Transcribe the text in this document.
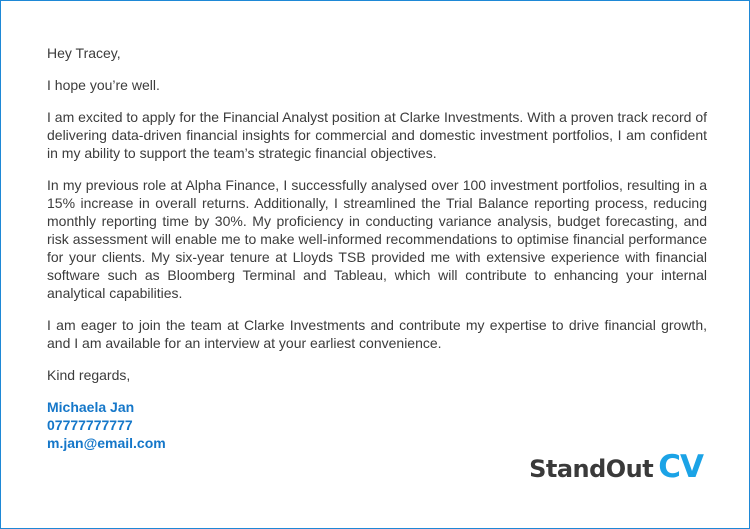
Hey Tracey,

I hope you’re well.

I am excited to apply for the Financial Analyst position at Clarke Investments. With a proven track record of delivering data-driven financial insights for commercial and domestic investment portfolios, I am confident in my ability to support the team’s strategic financial objectives.

In my previous role at Alpha Finance, I successfully analysed over 100 investment portfolios, resulting in a 15% increase in overall returns. Additionally, I streamlined the Trial Balance reporting process, reducing monthly reporting time by 30%. My proficiency in conducting variance analysis, budget forecasting, and risk assessment will enable me to make well-informed recommendations to optimise financial performance for your clients. My six-year tenure at Lloyds TSB provided me with extensive experience with financial software such as Bloomberg Terminal and Tableau, which will contribute to enhancing your internal analytical capabilities.

I am eager to join the team at Clarke Investments and contribute my expertise to drive financial growth, and I am available for an interview at your earliest convenience.

Kind regards,

Michaela Jan
07777777777
m.jan@email.com
StandOut CV
